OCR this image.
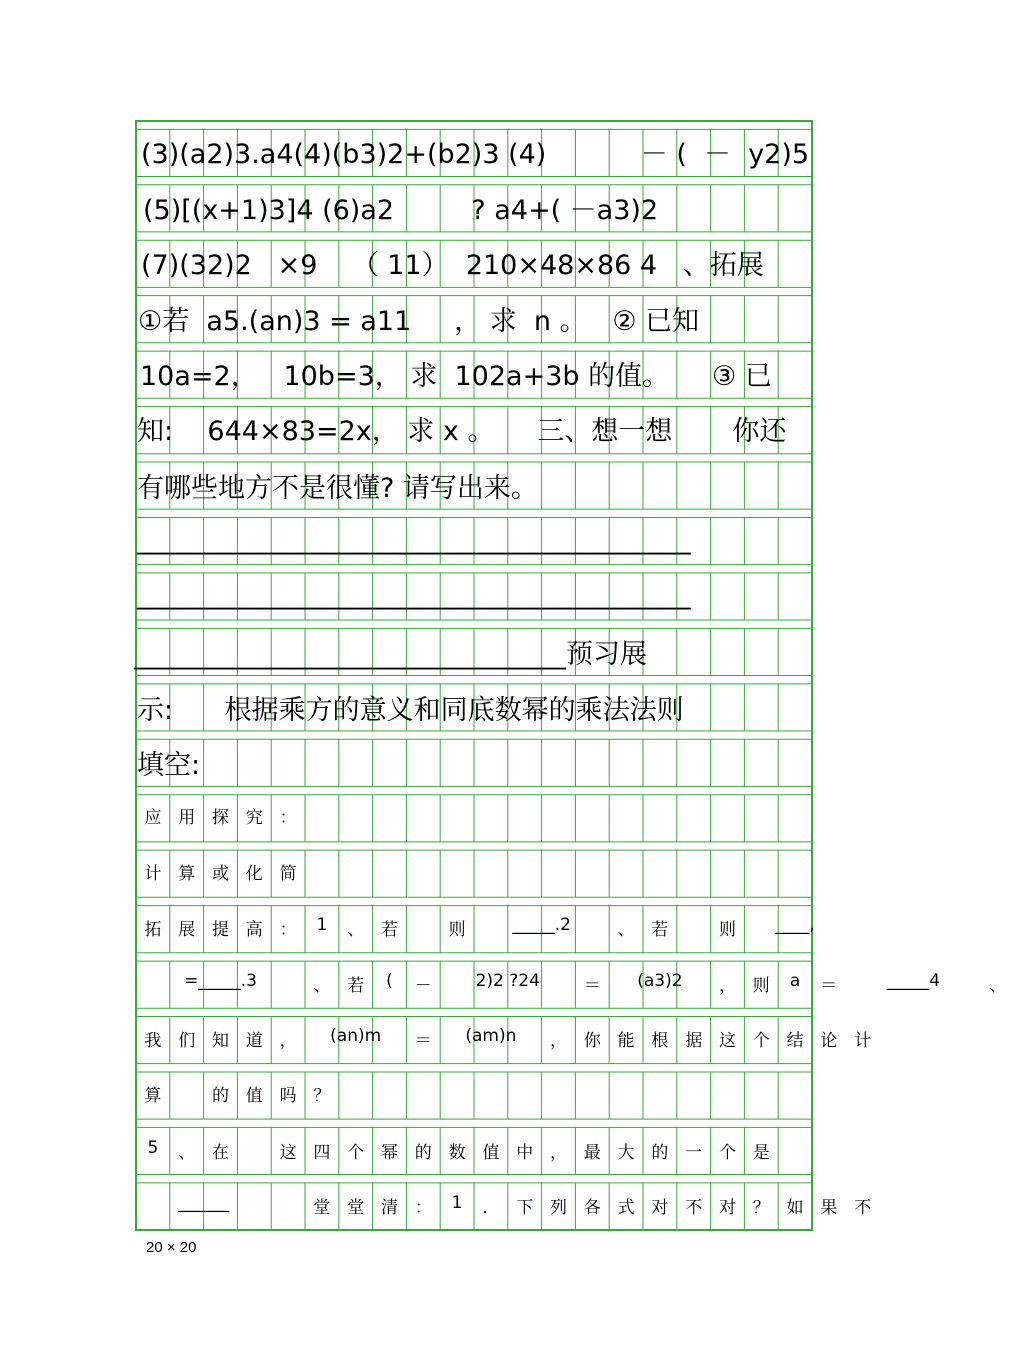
(3)(a2)3.a4(4)(b3)2+(b2)3 (4)           － (  －  y2)5
(5)[(x+1)3]4 (6)a2         ? a4+( －a3)2
(7)(32)2   ×9    （ 11）  210×48×86 4   、拓展
①若  a5.(an)3 = a11     ， 求  n 。   ② 已知
10a=2，   10b=3， 求  102a+3b 的值。     ③ 已
知:    644×83=2x， 求 x 。     三、想一想       你还
有哪些地方不是很懂? 请写出来。
_________________________________________
_________________________________________
________________________________预习展
示:      根据乘方的意义和同底数幂的乘法法则
填空:
应 用 探 究 ：
计 算 或 化 简
拓 展 提 高 ：	1	、 若	则	_____.2	、 若	则	____,
=_____.3	、 若	(	－	2)2 ?24	＝	(a3)2	， 则	a	＝	_____4	、
我 们 知 道 ，	(an)m	＝	(am)n	， 你 能 根 据 这 个 结 论 计
算	的 值 吗 ？
5	、 在	这 四 个 幂 的 数 值 中 ， 最 大 的 一 个 是
______	堂 堂 清 ：	1	． 下 列 各 式 对 不 对 ？ 如 果 不
20 × 20
